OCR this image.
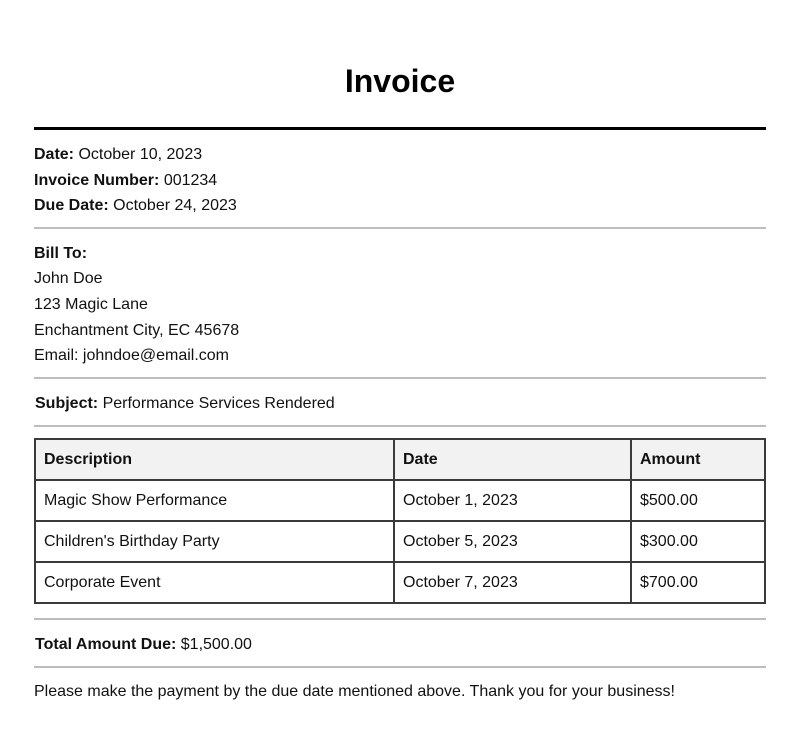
Invoice
Date: October 10, 2023
Invoice Number: 001234
Due Date: October 24, 2023
Bill To:
John Doe
123 Magic Lane
Enchantment City, EC 45678
Email: johndoe@email.com
Subject: Performance Services Rendered
Description	Date	Amount
Magic Show Performance	October 1, 2023	$500.00
Children's Birthday Party	October 5, 2023	$300.00
Corporate Event	October 7, 2023	$700.00
Total Amount Due: $1,500.00
Please make the payment by the due date mentioned above. Thank you for your business!
